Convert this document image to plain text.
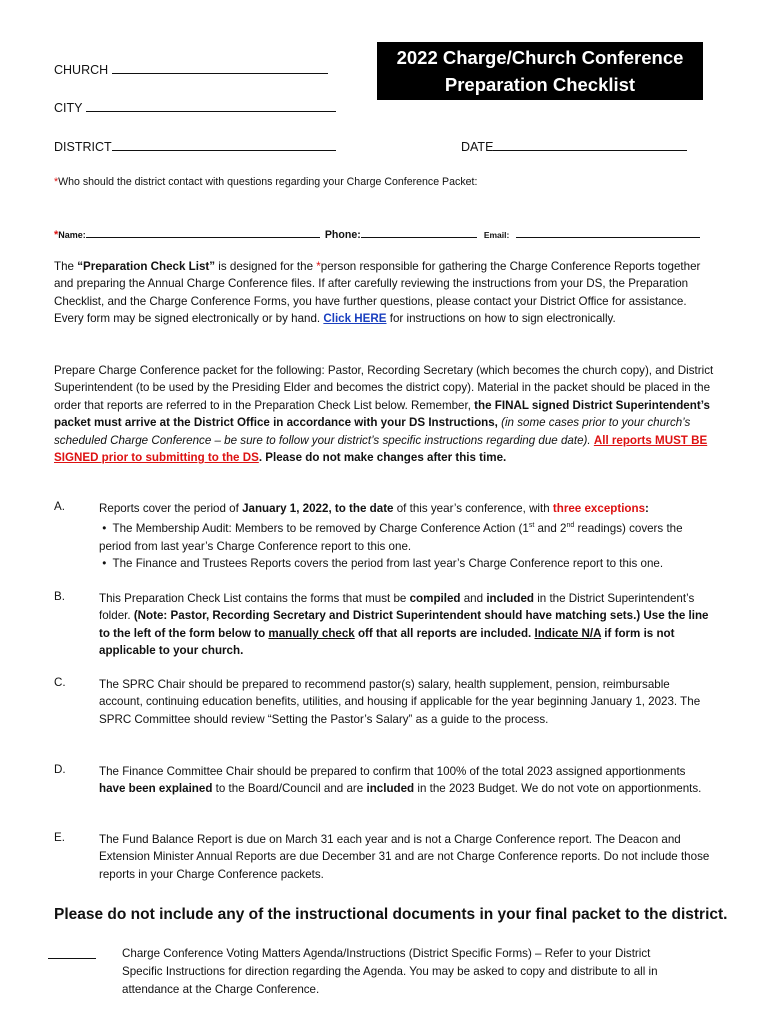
2022 Charge/Church Conference
Preparation Checklist
CHURCH
CITY
DISTRICT	DATE
*Who should the district contact with questions regarding your Charge Conference Packet:
*Name:	Phone:	Email:
The “Preparation Check List” is designed for the *person responsible for gathering the Charge Conference Reports together and preparing the Annual Charge Conference files. If after carefully reviewing the instructions from your DS, the Preparation Checklist, and the Charge Conference Forms, you have further questions, please contact your District Office for assistance. Every form may be signed electronically or by hand. Click HERE for instructions on how to sign electronically.
Prepare Charge Conference packet for the following: Pastor, Recording Secretary (which becomes the church copy), and District Superintendent (to be used by the Presiding Elder and becomes the district copy). Material in the packet should be placed in the order that reports are referred to in the Preparation Check List below. Remember, the FINAL signed District Superintendent’s packet must arrive at the District Office in accordance with your DS Instructions, (in some cases prior to your church’s scheduled Charge Conference – be sure to follow your district’s specific instructions regarding due date). All reports MUST BE SIGNED prior to submitting to the DS. Please do not make changes after this time.
A.	Reports cover the period of January 1, 2022, to the date of this year’s conference, with three exceptions:
•  The Membership Audit: Members to be removed by Charge Conference Action (1st and 2nd readings) covers the period from last year’s Charge Conference report to this one.
•  The Finance and Trustees Reports covers the period from last year’s Charge Conference report to this one.
B.	This Preparation Check List contains the forms that must be compiled and included in the District Superintendent’s folder. (Note: Pastor, Recording Secretary and District Superintendent should have matching sets.) Use the line to the left of the form below to manually check off that all reports are included. Indicate N/A if form is not applicable to your church.
C.	The SPRC Chair should be prepared to recommend pastor(s) salary, health supplement, pension, reimbursable account, continuing education benefits, utilities, and housing if applicable for the year beginning January 1, 2023. The SPRC Committee should review “Setting the Pastor’s Salary” as a guide to the process.
D.	The Finance Committee Chair should be prepared to confirm that 100% of the total 2023 assigned apportionments have been explained to the Board/Council and are included in the 2023 Budget. We do not vote on apportionments.
E.	The Fund Balance Report is due on March 31 each year and is not a Charge Conference report. The Deacon and Extension Minister Annual Reports are due December 31 and are not Charge Conference reports. Do not include those reports in your Charge Conference packets.
Please do not include any of the instructional documents in your final packet to the district.
Charge Conference Voting Matters Agenda/Instructions (District Specific Forms) – Refer to your District Specific Instructions for direction regarding the Agenda. You may be asked to copy and distribute to all in attendance at the Charge Conference.
